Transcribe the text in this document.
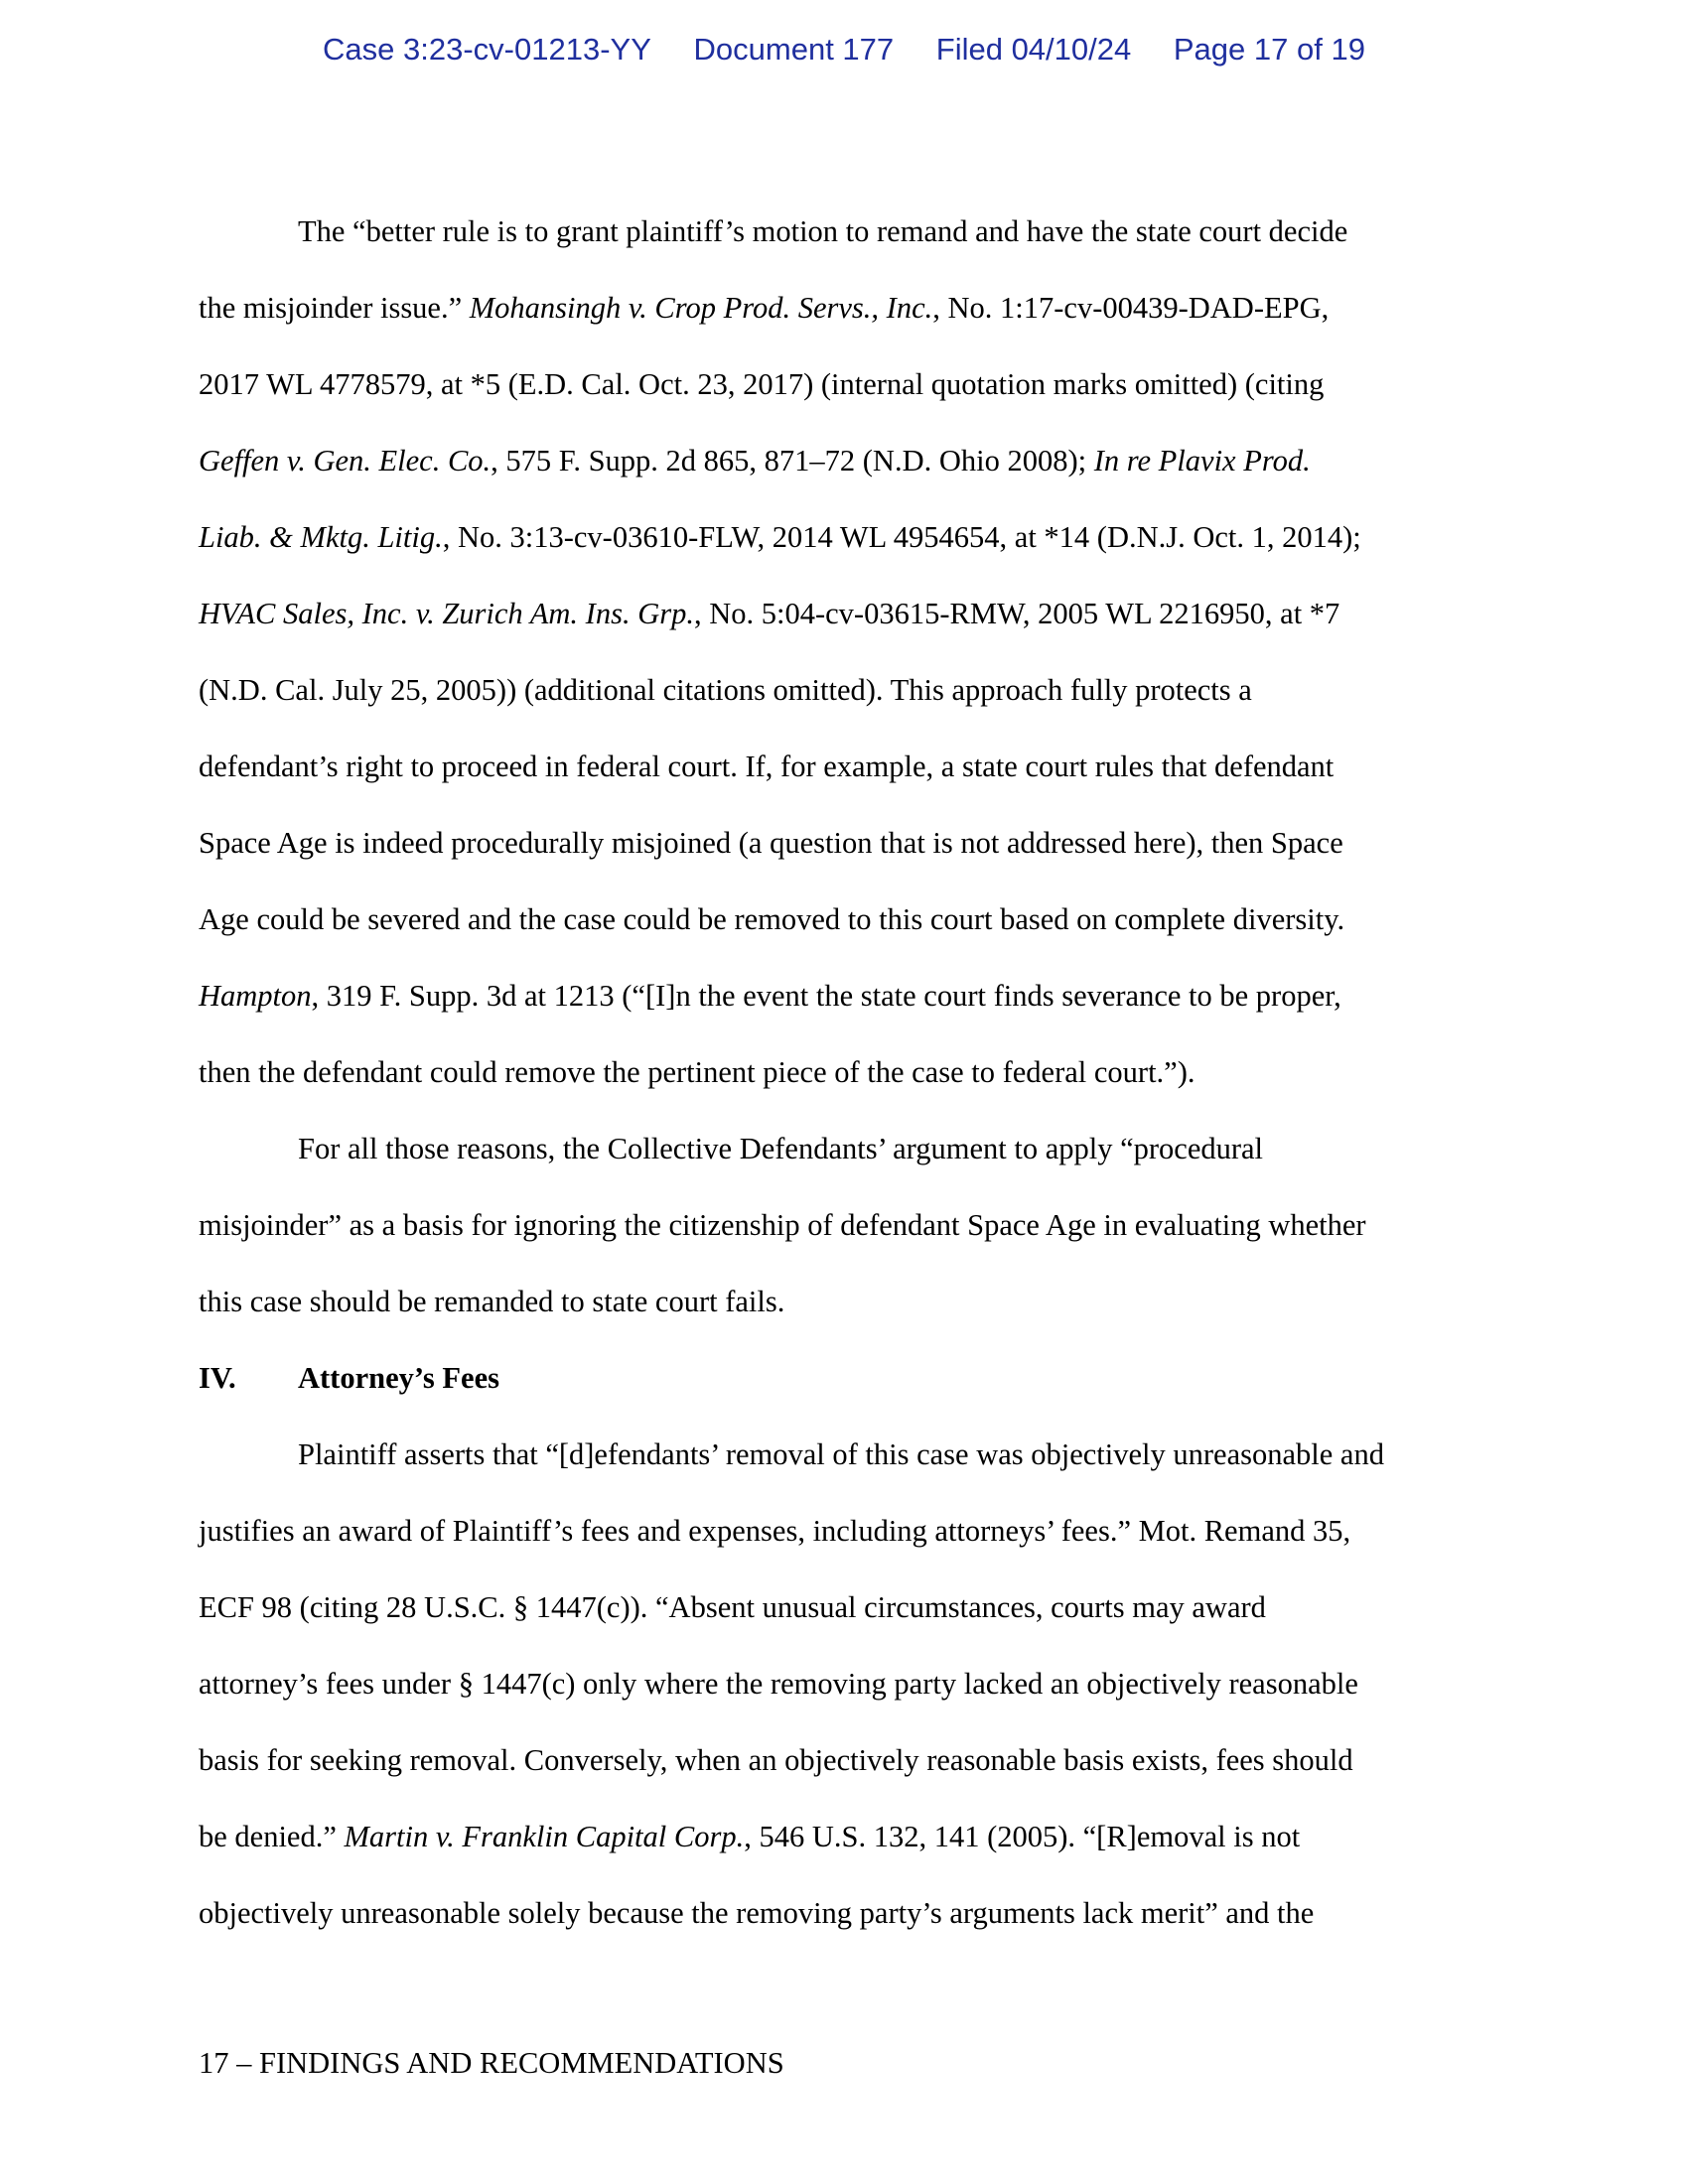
Case 3:23-cv-01213-YY Document 177 Filed 04/10/24 Page 17 of 19
The “better rule is to grant plaintiff’s motion to remand and have the state court decide
the misjoinder issue.” Mohansingh v. Crop Prod. Servs., Inc., No. 1:17-cv-00439-DAD-EPG,
2017 WL 4778579, at *5 (E.D. Cal. Oct. 23, 2017) (internal quotation marks omitted) (citing
Geffen v. Gen. Elec. Co., 575 F. Supp. 2d 865, 871–72 (N.D. Ohio 2008); In re Plavix Prod.
Liab. & Mktg. Litig., No. 3:13-cv-03610-FLW, 2014 WL 4954654, at *14 (D.N.J. Oct. 1, 2014);
HVAC Sales, Inc. v. Zurich Am. Ins. Grp., No. 5:04-cv-03615-RMW, 2005 WL 2216950, at *7
(N.D. Cal. July 25, 2005)) (additional citations omitted). This approach fully protects a
defendant’s right to proceed in federal court. If, for example, a state court rules that defendant
Space Age is indeed procedurally misjoined (a question that is not addressed here), then Space
Age could be severed and the case could be removed to this court based on complete diversity.
Hampton, 319 F. Supp. 3d at 1213 (“[I]n the event the state court finds severance to be proper,
then the defendant could remove the pertinent piece of the case to federal court.”).
For all those reasons, the Collective Defendants’ argument to apply “procedural
misjoinder” as a basis for ignoring the citizenship of defendant Space Age in evaluating whether
this case should be remanded to state court fails.
IV. Attorney’s Fees
Plaintiff asserts that “[d]efendants’ removal of this case was objectively unreasonable and
justifies an award of Plaintiff’s fees and expenses, including attorneys’ fees.” Mot. Remand 35,
ECF 98 (citing 28 U.S.C. § 1447(c)). “Absent unusual circumstances, courts may award
attorney’s fees under § 1447(c) only where the removing party lacked an objectively reasonable
basis for seeking removal. Conversely, when an objectively reasonable basis exists, fees should
be denied.” Martin v. Franklin Capital Corp., 546 U.S. 132, 141 (2005). “[R]emoval is not
objectively unreasonable solely because the removing party’s arguments lack merit” and the
17 – FINDINGS AND RECOMMENDATIONS
